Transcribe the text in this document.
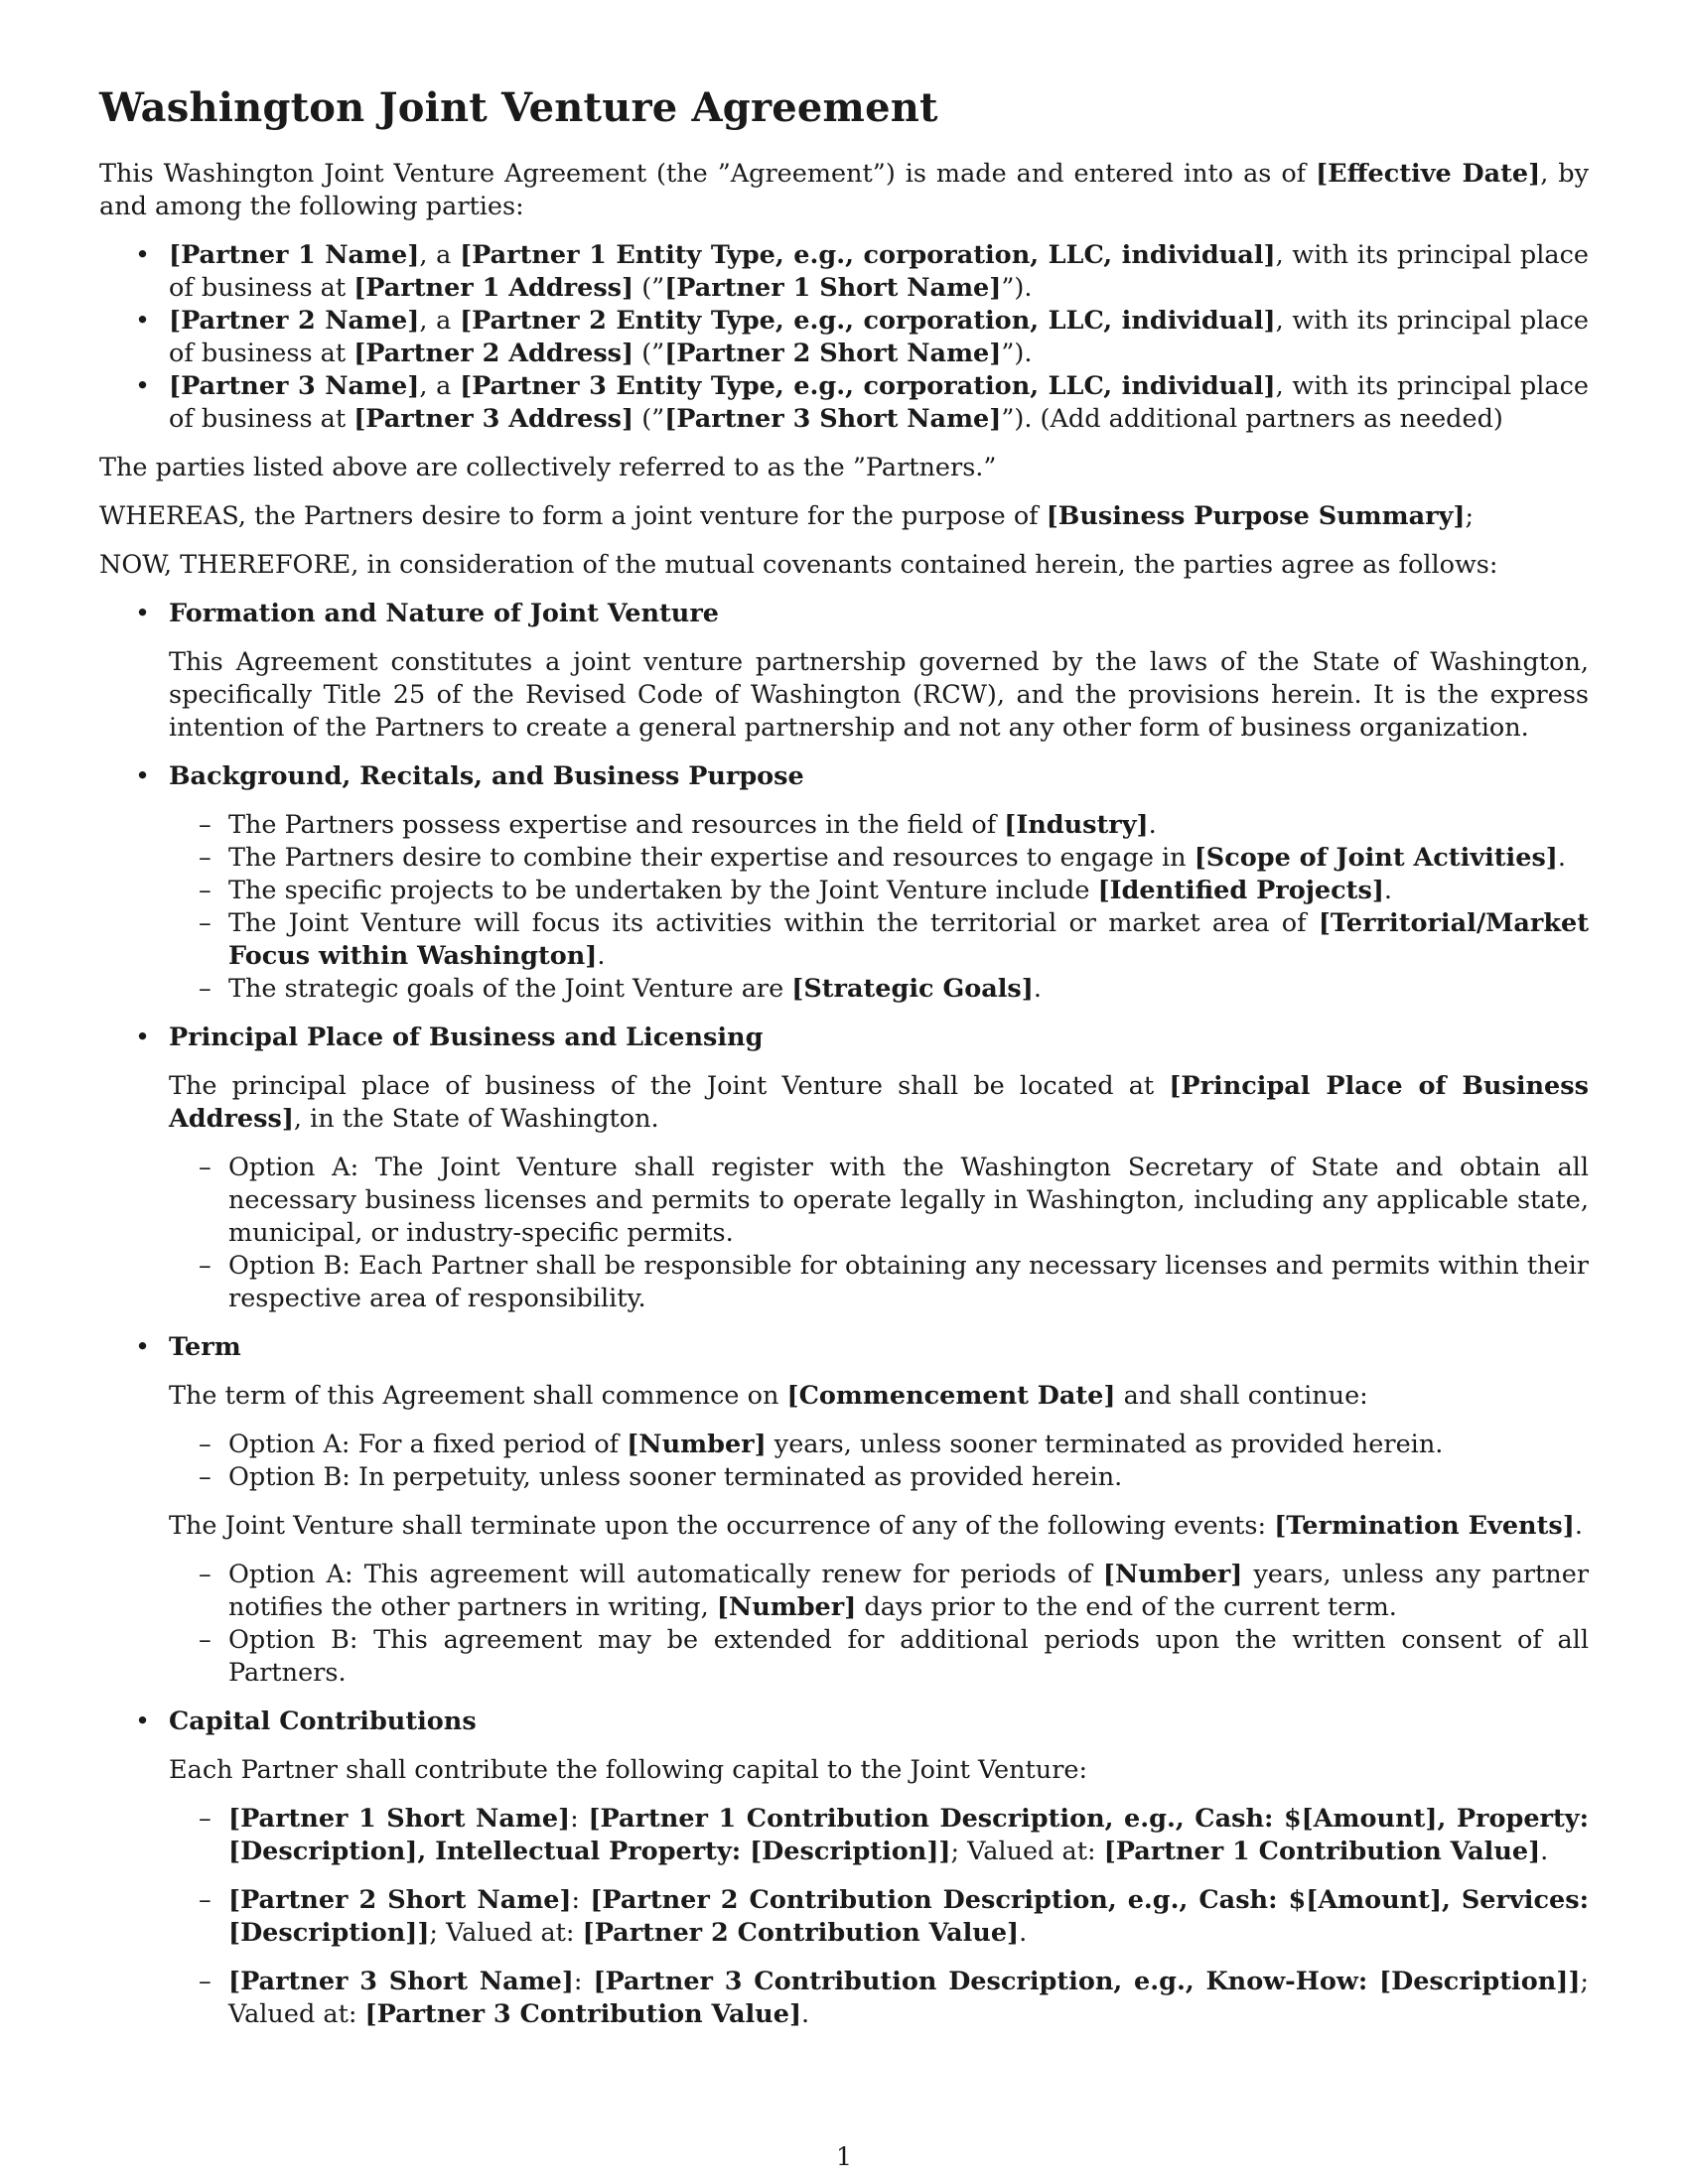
Washington Joint Venture Agreement

This Washington Joint Venture Agreement (the ”Agreement”) is made and entered into as of [Effective Date], by and among the following parties:

• [Partner 1 Name], a [Partner 1 Entity Type, e.g., corporation, LLC, individual], with its principal place of business at [Partner 1 Address] (”[Partner 1 Short Name]”).
• [Partner 2 Name], a [Partner 2 Entity Type, e.g., corporation, LLC, individual], with its principal place of business at [Partner 2 Address] (”[Partner 2 Short Name]”).
• [Partner 3 Name], a [Partner 3 Entity Type, e.g., corporation, LLC, individual], with its principal place of business at [Partner 3 Address] (”[Partner 3 Short Name]”). (Add additional partners as needed)

The parties listed above are collectively referred to as the ”Partners.”

WHEREAS, the Partners desire to form a joint venture for the purpose of [Business Purpose Summary];

NOW, THEREFORE, in consideration of the mutual covenants contained herein, the parties agree as follows:

• Formation and Nature of Joint Venture

This Agreement constitutes a joint venture partnership governed by the laws of the State of Washington, specifically Title 25 of the Revised Code of Washington (RCW), and the provisions herein. It is the express intention of the Partners to create a general partnership and not any other form of business organization.

• Background, Recitals, and Business Purpose
– The Partners possess expertise and resources in the field of [Industry].
– The Partners desire to combine their expertise and resources to engage in [Scope of Joint Activities].
– The specific projects to be undertaken by the Joint Venture include [Identified Projects].
– The Joint Venture will focus its activities within the territorial or market area of [Territorial/Market Focus within Washington].
– The strategic goals of the Joint Venture are [Strategic Goals].
• Principal Place of Business and Licensing

The principal place of business of the Joint Venture shall be located at [Principal Place of Business Address], in the State of Washington.

– Option A: The Joint Venture shall register with the Washington Secretary of State and obtain all necessary business licenses and permits to operate legally in Washington, including any applicable state, municipal, or industry-specific permits.
– Option B: Each Partner shall be responsible for obtaining any necessary licenses and permits within their respective area of responsibility.
• Term

The term of this Agreement shall commence on [Commencement Date] and shall continue:

– Option A: For a fixed period of [Number] years, unless sooner terminated as provided herein.
– Option B: In perpetuity, unless sooner terminated as provided herein.

The Joint Venture shall terminate upon the occurrence of any of the following events: [Termination Events].

– Option A: This agreement will automatically renew for periods of [Number] years, unless any partner notifies the other partners in writing, [Number] days prior to the end of the current term.
– Option B: This agreement may be extended for additional periods upon the written consent of all Partners.
• Capital Contributions

Each Partner shall contribute the following capital to the Joint Venture:

– [Partner 1 Short Name]: [Partner 1 Contribution Description, e.g., Cash: $[Amount], Property: [Description], Intellectual Property: [Description]]; Valued at: [Partner 1 Contribution Value].
– [Partner 2 Short Name]: [Partner 2 Contribution Description, e.g., Cash: $[Amount], Services: [Description]]; Valued at: [Partner 2 Contribution Value].
– [Partner 3 Short Name]: [Partner 3 Contribution Description, e.g., Know-How: [Description]]; Valued at: [Partner 3 Contribution Value].
1
